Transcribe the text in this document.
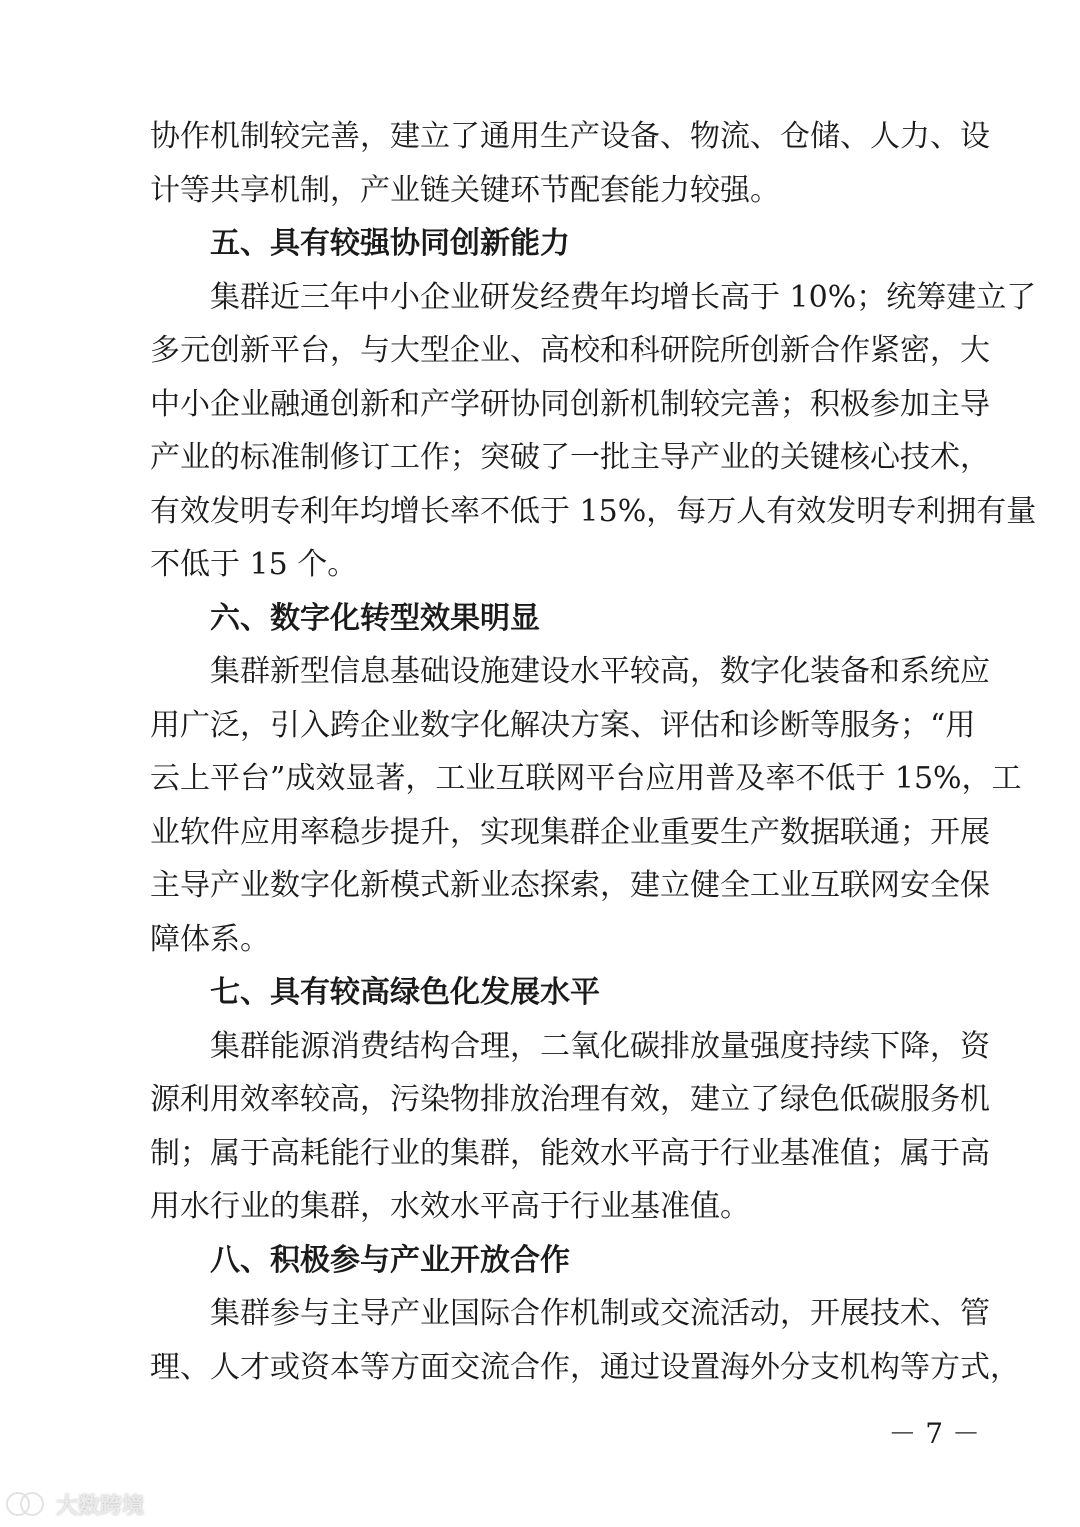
协作机制较完善，建立了通用生产设备、物流、仓储、人力、设
计等共享机制，产业链关键环节配套能力较强。
五、具有较强协同创新能力
集群近三年中小企业研发经费年均增长高于 10%；统筹建立了
多元创新平台，与大型企业、高校和科研院所创新合作紧密，大
中小企业融通创新和产学研协同创新机制较完善；积极参加主导
产业的标准制修订工作；突破了一批主导产业的关键核心技术，
有效发明专利年均增长率不低于 15%，每万人有效发明专利拥有量
不低于 15 个。
六、数字化转型效果明显
集群新型信息基础设施建设水平较高，数字化装备和系统应
用广泛，引入跨企业数字化解决方案、评估和诊断等服务；“用
云上平台”成效显著，工业互联网平台应用普及率不低于 15%，工
业软件应用率稳步提升，实现集群企业重要生产数据联通；开展
主导产业数字化新模式新业态探索，建立健全工业互联网安全保
障体系。
七、具有较高绿色化发展水平
集群能源消费结构合理，二氧化碳排放量强度持续下降，资
源利用效率较高，污染物排放治理有效，建立了绿色低碳服务机
制；属于高耗能行业的集群，能效水平高于行业基准值；属于高
用水行业的集群，水效水平高于行业基准值。
八、积极参与产业开放合作
集群参与主导产业国际合作机制或交流活动，开展技术、管
理、人才或资本等方面交流合作，通过设置海外分支机构等方式，
－ 7 －
大数跨境
